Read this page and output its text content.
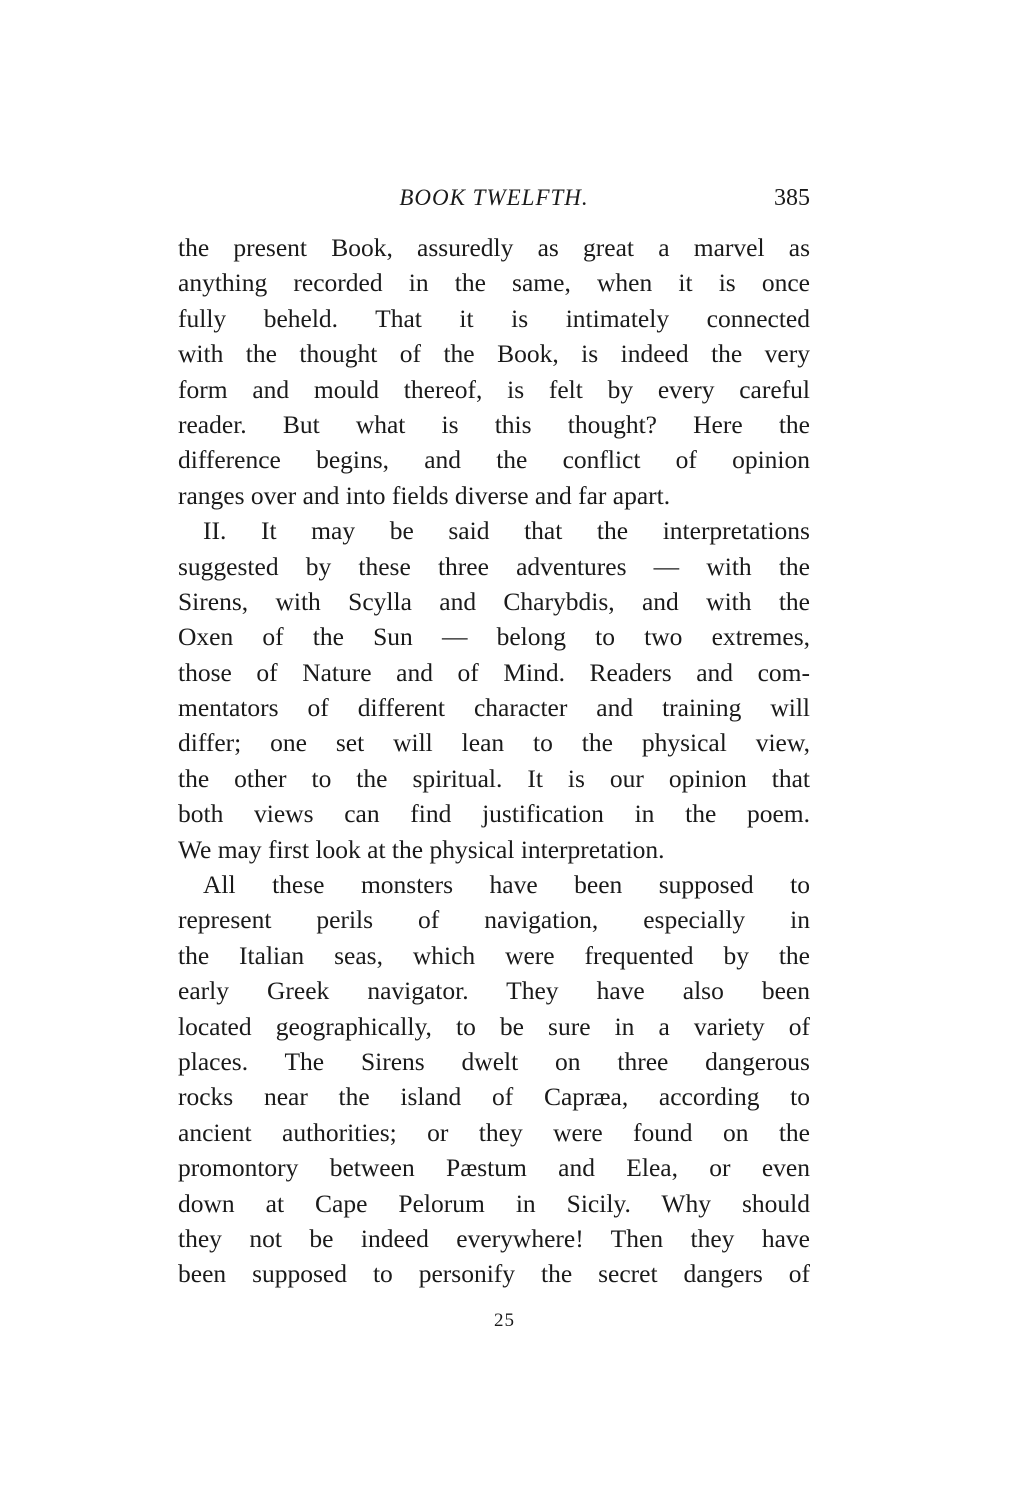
BOOK TWELFTH.	385
the present Book, assuredly as great a marvel as
anything recorded in the same, when it is once
fully beheld. That it is intimately connected
with the thought of the Book, is indeed the very
form and mould thereof, is felt by every careful
reader. But what is this thought? Here the
difference begins, and the conflict of opinion
ranges over and into fields diverse and far apart.
II. It may be said that the interpretations
suggested by these three adventures — with the
Sirens, with Scylla and Charybdis, and with the
Oxen of the Sun — belong to two extremes,
those of Nature and of Mind. Readers and com-
mentators of different character and training will
differ; one set will lean to the physical view,
the other to the spiritual. It is our opinion that
both views can find justification in the poem.
We may first look at the physical interpretation.
All these monsters have been supposed to
represent perils of navigation, especially in
the Italian seas, which were frequented by the
early Greek navigator. They have also been
located geographically, to be sure in a variety of
places. The Sirens dwelt on three dangerous
rocks near the island of Capræa, according to
ancient authorities; or they were found on the
promontory between Pæstum and Elea, or even
down at Cape Pelorum in Sicily. Why should
they not be indeed everywhere! Then they have
been supposed to personify the secret dangers of
25
